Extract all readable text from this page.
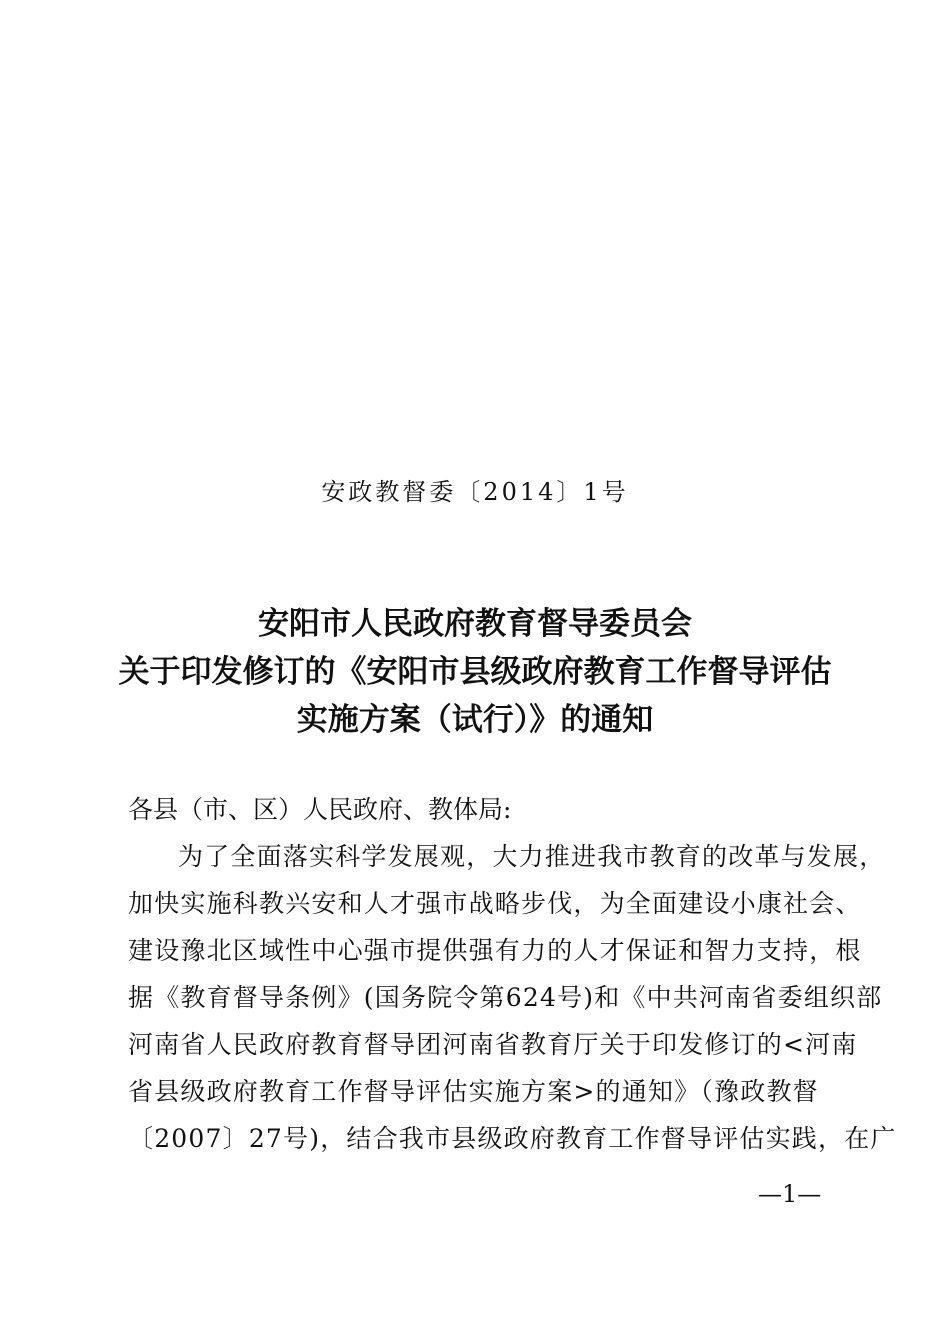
安政教督委〔2014〕1号
安阳市人民政府教育督导委员会
关于印发修订的《安阳市县级政府教育工作督导评估
实施方案（试行）》的通知
各县（市、区）人民政府、教体局:
为了全面落实科学发展观，大力推进我市教育的改革与发展，
加快实施科教兴安和人才强市战略步伐，为全面建设小康社会、
建设豫北区域性中心强市提供强有力的人才保证和智力支持，根
据《教育督导条例》(国务院令第624号)和《中共河南省委组织部
河南省人民政府教育督导团河南省教育厅关于印发修订的<河南
省县级政府教育工作督导评估实施方案>的通知》（豫政教督
〔2007〕27号)，结合我市县级政府教育工作督导评估实践，在广
—1—
